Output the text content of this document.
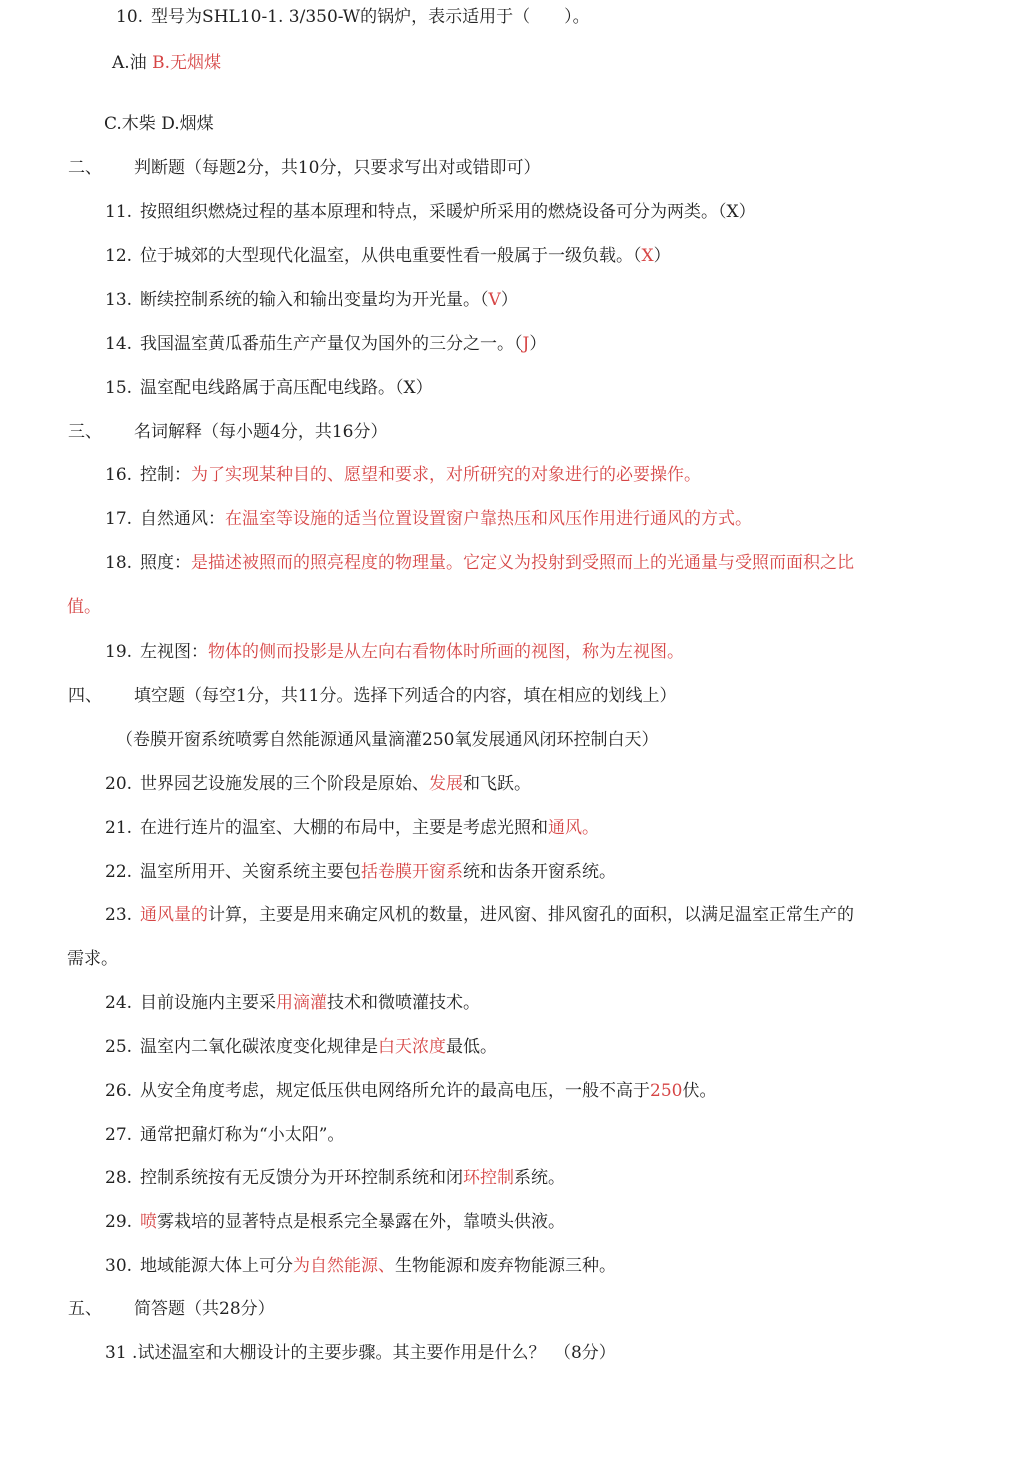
10. 型号为SHL10-1. 3/350-W的锅炉，表示适用于（　　）。
A.油 B.无烟煤
C.木柴 D.烟煤
二、 判断题（每题2分，共10分，只要求写出对或错即可）
11. 按照组织燃烧过程的基本原理和特点，采暖炉所采用的燃烧设备可分为两类。（X）
12. 位于城郊的大型现代化温室，从供电重要性看一般属于一级负载。（X）
13. 断续控制系统的输入和输出变量均为开光量。（V）
14. 我国温室黄瓜番茄生产产量仅为国外的三分之一。（J）
15. 温室配电线路属于高压配电线路。（X）
三、 名词解释（每小题4分，共16分）
16. 控制：为了实现某种目的、愿望和要求，对所研究的对象进行的必要操作。
17. 自然通风：在温室等设施的适当位置设置窗户靠热压和风压作用进行通风的方式。
18. 照度：是描述被照而的照亮程度的物理量。它定义为投射到受照而上的光通量与受照而面积之比
值。
19. 左视图：物体的侧而投影是从左向右看物体时所画的视图，称为左视图。
四、 填空题（每空1分，共11分。选择下列适合的内容，填在相应的划线上）
（卷膜开窗系统喷雾自然能源通风量滴灌250氧发展通风闭环控制白天）
20. 世界园艺设施发展的三个阶段是原始、发展和飞跃。
21. 在进行连片的温室、大棚的布局中，主要是考虑光照和通风。
22. 温室所用开、关窗系统主要包括卷膜开窗系统和齿条开窗系统。
23. 通风量的计算，主要是用来确定风机的数量，进风窗、排风窗孔的面积，以满足温室正常生产的
需求。
24. 目前设施内主要采用滴灌技术和微喷灌技术。
25. 温室内二氧化碳浓度变化规律是白天浓度最低。
26. 从安全角度考虑，规定低压供电网络所允许的最高电压，一般不高于250伏。
27. 通常把鼐灯称为“小太阳”。
28. 控制系统按有无反馈分为开环控制系统和闭环控制系统。
29. 喷雾栽培的显著特点是根系完全暴露在外，靠喷头供液。
30. 地域能源大体上可分为自然能源、生物能源和废弃物能源三种。
五、 简答题（共28分）
31 .试述温室和大棚设计的主要步骤。其主要作用是什么？　（8分）
